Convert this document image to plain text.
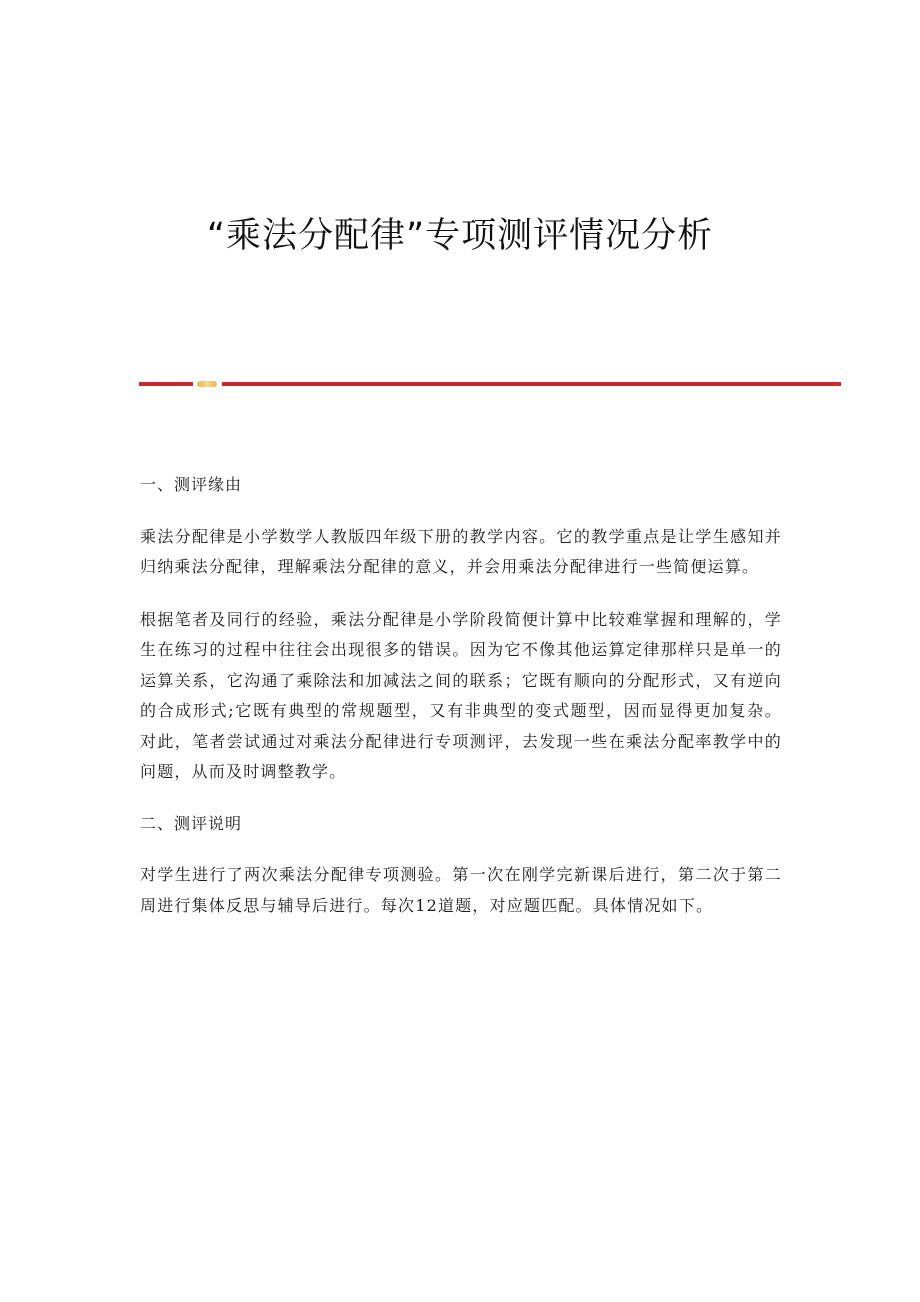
“乘法分配律”专项测评情况分析
一、测评缘由

乘法分配律是小学数学人教版四年级下册的教学内容。它的教学重点是让学生感知并归纳乘法分配律，理解乘法分配律的意义，并会用乘法分配律进行一些简便运算。

根据笔者及同行的经验，乘法分配律是小学阶段简便计算中比较难掌握和理解的，学生在练习的过程中往往会出现很多的错误。因为它不像其他运算定律那样只是单一的运算关系，它沟通了乘除法和加减法之间的联系；它既有顺向的分配形式，又有逆向的合成形式;它既有典型的常规题型，又有非典型的变式题型，因而显得更加复杂。对此，笔者尝试通过对乘法分配律进行专项测评，去发现一些在乘法分配率教学中的问题，从而及时调整教学。

二、测评说明

对学生进行了两次乘法分配律专项测验。第一次在刚学完新课后进行，第二次于第二周进行集体反思与辅导后进行。每次12道题，对应题匹配。具体情况如下。
